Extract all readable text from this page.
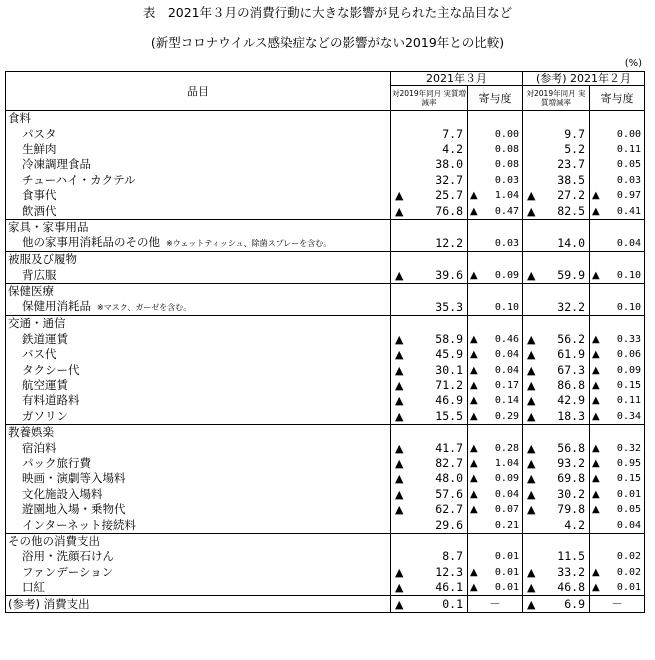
表　2021年３月の消費行動に大きな影響が見られた主な品目など
(新型コロナウイルス感染症などの影響がない2019年との比較)
(%)
品目	2021年３月		(参考) 2021年２月	
	対2019年同月 実質増減率	寄与度	対2019年同月 実質増減率	寄与度
食料				
パスタ	7.7	0.00	9.7	0.00
生鮮肉	4.2	0.08	5.2	0.11
冷凍調理食品	38.0	0.08	23.7	0.05
チューハイ・カクテル	32.7	0.03	38.5	0.03
食事代	▲ 25.7	▲ 1.04	▲ 27.2	▲ 0.97
飲酒代	▲ 76.8	▲ 0.47	▲ 82.5	▲ 0.41
家具・家事用品				
他の家事用消耗品のその他 ※ウェットティッシュ、除菌スプレーを含む。	12.2	0.03	14.0	0.04
被服及び履物				
背広服	▲ 39.6	▲ 0.09	▲ 59.9	▲ 0.10
保健医療				
保健用消耗品 ※マスク、ガーゼを含む。	35.3	0.10	32.2	0.10
交通・通信				
鉄道運賃	▲ 58.9	▲ 0.46	▲ 56.2	▲ 0.33
バス代	▲ 45.9	▲ 0.04	▲ 61.9	▲ 0.06
タクシー代	▲ 30.1	▲ 0.04	▲ 67.3	▲ 0.09
航空運賃	▲ 71.2	▲ 0.17	▲ 86.8	▲ 0.15
有料道路料	▲ 46.9	▲ 0.14	▲ 42.9	▲ 0.11
ガソリン	▲ 15.5	▲ 0.29	▲ 18.3	▲ 0.34
教養娯楽				
宿泊料	▲ 41.7	▲ 0.28	▲ 56.8	▲ 0.32
パック旅行費	▲ 82.7	▲ 1.04	▲ 93.2	▲ 0.95
映画・演劇等入場料	▲ 48.0	▲ 0.09	▲ 69.8	▲ 0.15
文化施設入場料	▲ 57.6	▲ 0.04	▲ 30.2	▲ 0.01
遊園地入場・乗物代	▲ 62.7	▲ 0.07	▲ 79.8	▲ 0.05
インターネット接続料	29.6	0.21	4.2	0.04
その他の消費支出				
浴用・洗顔石けん	8.7	0.01	11.5	0.02
ファンデーション	▲ 12.3	▲ 0.01	▲ 33.2	▲ 0.02
口紅	▲ 46.1	▲ 0.01	▲ 46.8	▲ 0.01
(参考) 消費支出	▲ 0.1	－	▲ 6.9	－
